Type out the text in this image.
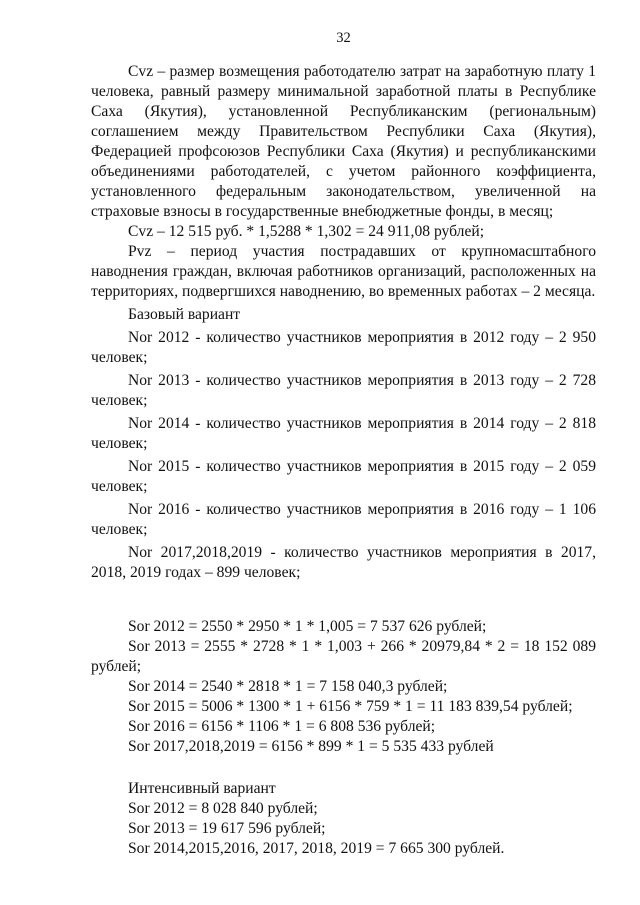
32

Cvz – размер возмещения работодателю затрат на заработную плату 1 человека, равный размеру минимальной заработной платы в Республике Саха (Якутия), установленной Республиканским (региональным) соглашением между Правительством Республики Саха (Якутия), Федерацией профсоюзов Республики Саха (Якутия) и республиканскими объединениями работодателей, с учетом районного коэффициента, установленного федеральным законодательством, увеличенной на страховые взносы в государственные внебюджетные фонды, в месяц;

Cvz – 12 515 руб. * 1,5288 * 1,302 = 24 911,08 рублей;

Pvz – период участия пострадавших от крупномасштабного наводнения граждан, включая работников организаций, расположенных на территориях, подвергшихся наводнению, во временных работах – 2 месяца.

Базовый вариант

Nor 2012 - количество участников мероприятия в 2012 году – 2 950 человек;

Nor 2013 - количество участников мероприятия в 2013 году – 2 728 человек;

Nor 2014 - количество участников мероприятия в 2014 году – 2 818 человек;

Nor 2015 - количество участников мероприятия в 2015 году – 2 059 человек;

Nor 2016 - количество участников мероприятия в 2016 году – 1 106 человек;

Nor 2017,2018,2019 - количество участников мероприятия в 2017, 2018, 2019 годах – 899 человек;

Sor 2012 = 2550 * 2950 * 1 * 1,005 = 7 537 626 рублей;

Sor 2013 = 2555 * 2728 * 1 * 1,003 + 266 * 20979,84 * 2 = 18 152 089 рублей;

Sor 2014 = 2540 * 2818 * 1 = 7 158 040,3 рублей;

Sor 2015 = 5006 * 1300 * 1 + 6156 * 759 * 1 = 11 183 839,54 рублей;

Sor 2016 = 6156 * 1106 * 1 = 6 808 536 рублей;

Sor 2017,2018,2019 = 6156 * 899 * 1 = 5 535 433 рублей

Интенсивный вариант

Sor 2012 = 8 028 840 рублей;

Sor 2013 = 19 617 596 рублей;

Sor 2014,2015,2016, 2017, 2018, 2019 = 7 665 300 рублей.
